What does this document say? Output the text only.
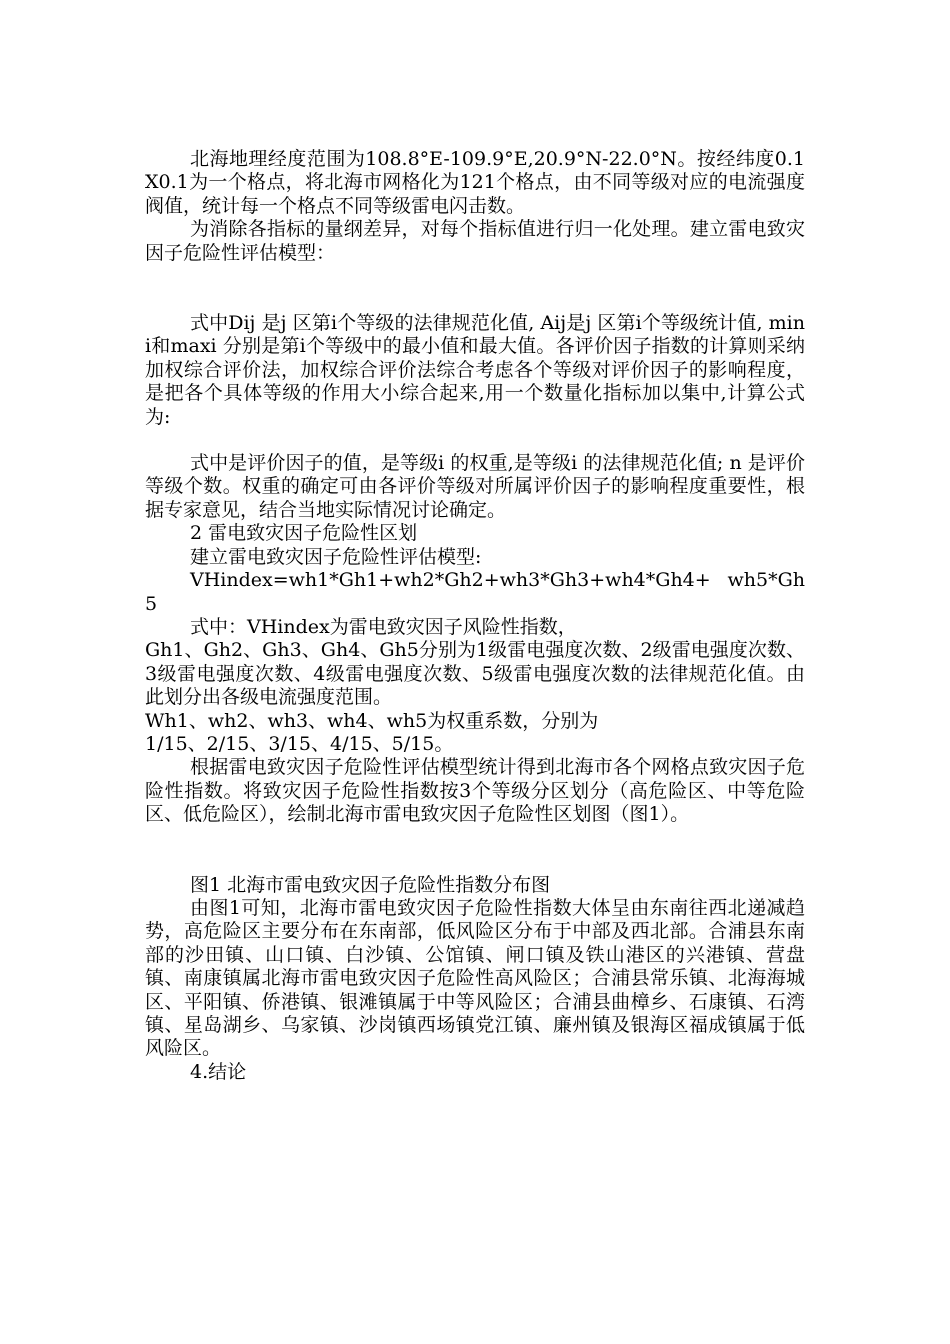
北海地理经度范围为108.8°E-109.9°E,20.9°N-22.0°N。按经纬度0.1X0.1为一个格点，将北海市网格化为121个格点，由不同等级对应的电流强度阀值，统计每一个格点不同等级雷电闪击数。

为消除各指标的量纲差异，对每个指标值进行归一化处理。建立雷电致灾因子危险性评估模型：

式中Dij 是j 区第i个等级的法律规范化值, Aij是j 区第i个等级统计值, mini和maxi 分别是第i个等级中的最小值和最大值。各评价因子指数的计算则采纳加权综合评价法，加权综合评价法综合考虑各个等级对评价因子的影响程度，是把各个具体等级的作用大小综合起来,用一个数量化指标加以集中,计算公式为:

式中是评价因子的值，是等级i 的权重,是等级i 的法律规范化值; n 是评价等级个数。权重的确定可由各评价等级对所属评价因子的影响程度重要性，根据专家意见，结合当地实际情况讨论确定。

2 雷电致灾因子危险性区划

建立雷电致灾因子危险性评估模型:

VHindex=wh1*Gh1+wh2*Gh2+wh3*Gh3+wh4*Gh4+ wh5*Gh5

式中：VHindex为雷电致灾因子风险性指数，

Gh1、Gh2、Gh3、Gh4、Gh5分别为1级雷电强度次数、2级雷电强度次数、3级雷电强度次数、4级雷电强度次数、5级雷电强度次数的法律规范化值。由此划分出各级电流强度范围。

Wh1、wh2、wh3、wh4、wh5为权重系数，分别为

1/15、2/15、3/15、4/15、5/15。

根据雷电致灾因子危险性评估模型统计得到北海市各个网格点致灾因子危险性指数。将致灾因子危险性指数按3个等级分区划分（高危险区、中等危险区、低危险区），绘制北海市雷电致灾因子危险性区划图（图1）。

图1 北海市雷电致灾因子危险性指数分布图

由图1可知，北海市雷电致灾因子危险性指数大体呈由东南往西北递减趋势，高危险区主要分布在东南部，低风险区分布于中部及西北部。合浦县东南部的沙田镇、山口镇、白沙镇、公馆镇、闸口镇及铁山港区的兴港镇、营盘镇、南康镇属北海市雷电致灾因子危险性高风险区；合浦县常乐镇、北海海城区、平阳镇、侨港镇、银滩镇属于中等风险区；合浦县曲樟乡、石康镇、石湾镇、星岛湖乡、乌家镇、沙岗镇西场镇党江镇、廉州镇及银海区福成镇属于低风险区。

4.结论
